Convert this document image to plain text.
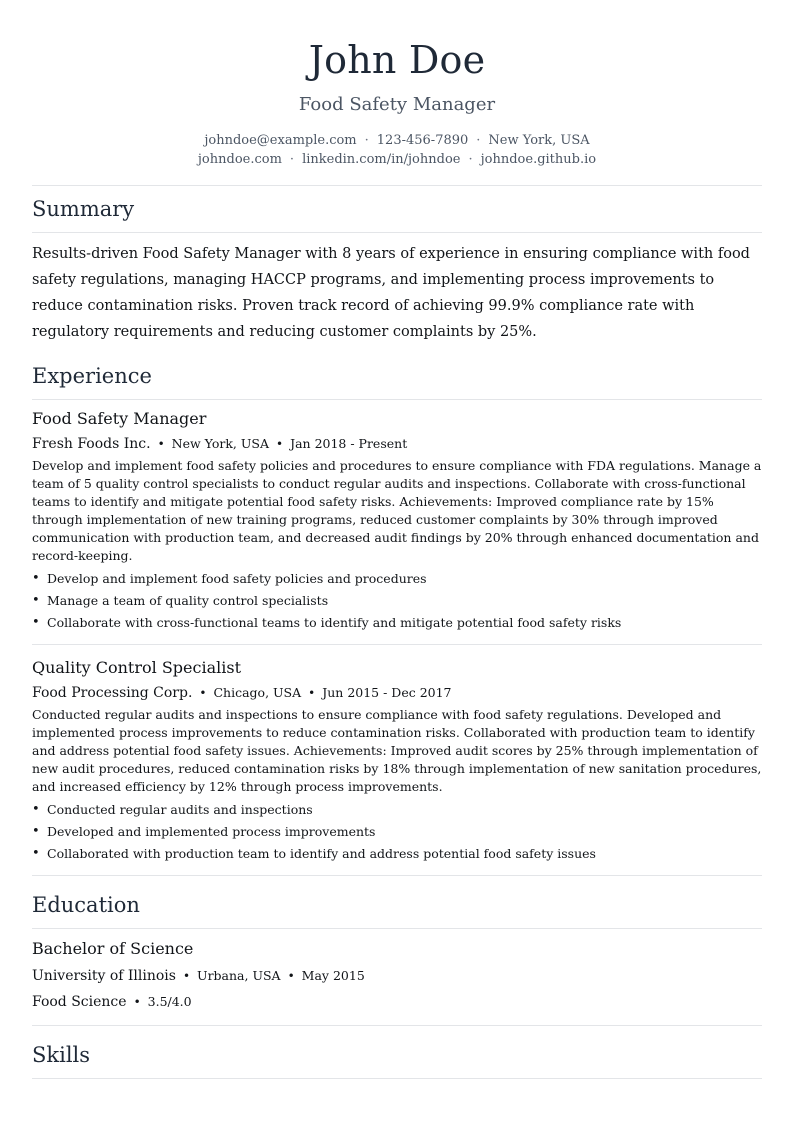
John Doe
Food Safety Manager
johndoe@example.com · 123-456-7890 · New York, USA
johndoe.com · linkedin.com/in/johndoe · johndoe.github.io
Summary
Results-driven Food Safety Manager with 8 years of experience in ensuring compliance with food safety regulations, managing HACCP programs, and implementing process improvements to reduce contamination risks. Proven track record of achieving 99.9% compliance rate with regulatory requirements and reducing customer complaints by 25%.
Experience
Food Safety Manager
Fresh Foods Inc. • New York, USA • Jan 2018 - Present
Develop and implement food safety policies and procedures to ensure compliance with FDA regulations. Manage a team of 5 quality control specialists to conduct regular audits and inspections. Collaborate with cross-functional teams to identify and mitigate potential food safety risks. Achievements: Improved compliance rate by 15% through implementation of new training programs, reduced customer complaints by 30% through improved communication with production team, and decreased audit findings by 20% through enhanced documentation and record-keeping.
• Develop and implement food safety policies and procedures
• Manage a team of quality control specialists
• Collaborate with cross-functional teams to identify and mitigate potential food safety risks
Quality Control Specialist
Food Processing Corp. • Chicago, USA • Jun 2015 - Dec 2017
Conducted regular audits and inspections to ensure compliance with food safety regulations. Developed and implemented process improvements to reduce contamination risks. Collaborated with production team to identify and address potential food safety issues. Achievements: Improved audit scores by 25% through implementation of new audit procedures, reduced contamination risks by 18% through implementation of new sanitation procedures, and increased efficiency by 12% through process improvements.
• Conducted regular audits and inspections
• Developed and implemented process improvements
• Collaborated with production team to identify and address potential food safety issues
Education
Bachelor of Science
University of Illinois • Urbana, USA • May 2015
Food Science • 3.5/4.0
Skills
